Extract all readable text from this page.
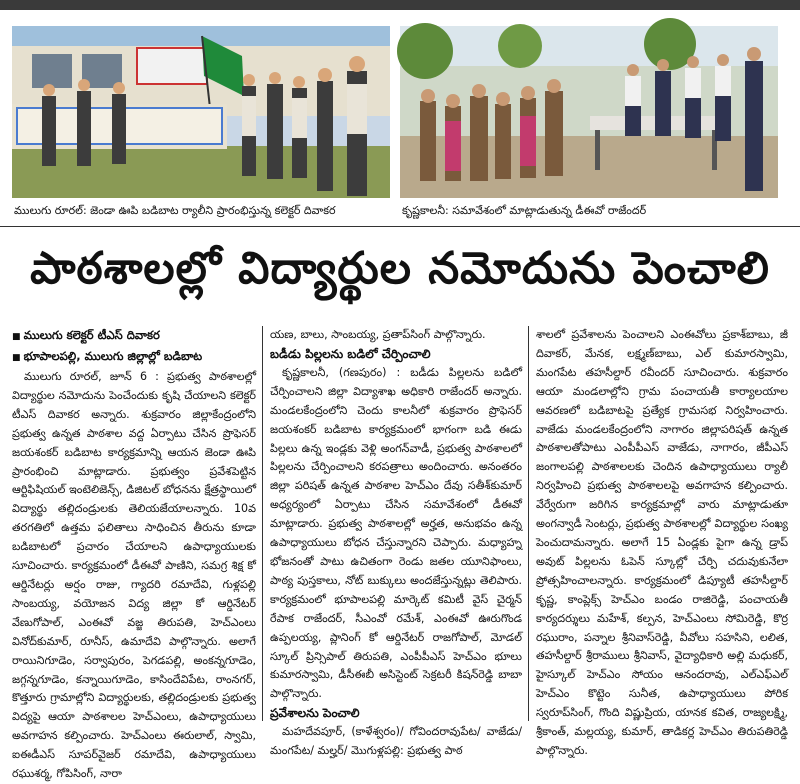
ములుగు రూరల్‌: జెండా ఊపి బడిబాట ర్యాలీని ప్రారంభిస్తున్న కలెక్టర్‌ దివాకర	కృష్ణకాలనీ: సమావేశంలో మాట్లాడుతున్న డీఈవో రాజేందర్‌
పాఠశాలల్లో విద్యార్థుల నమోదును పెంచాలి

■ ములుగు కలెక్టర్‌ టీఎస్‌ దివాకర

■ భూపాలపల్లి, ములుగు జిల్లాల్లో బడిబాట

ములుగు రూరల్‌, జూన్‌ 6 : ప్రభుత్వ పాఠశాలల్లో విద్యార్థుల నమోదును పెంచేందుకు కృషి చేయాలని కలెక్టర్‌ టీఎస్‌ దివాకర అన్నారు. శుక్రవారం జిల్లాకేంద్రంలోని ప్రభుత్వ ఉన్నత పాఠశాల వద్ద ఏర్పాటు చేసిన ప్రొఫెసర్‌ జయశంకర్‌ బడిబాట కార్యక్రమాన్ని ఆయన జెండా ఊపి ప్రారంభించి మాట్లాడారు. ప్రభుత్వం ప్రవేశపెట్టిన ఆర్టిఫిషియల్‌ ఇంటెలిజెన్స్‌, డిజిటల్‌ బోధనను క్షేత్రస్థాయిలో విద్యార్థు తల్లిదండ్రులకు తెలియజేయాలన్నారు. 10వ తరగతిలో ఉత్తమ ఫలితాలు సాధించిన తీరును కూడా బడిబాటలో ప్రచారం చేయాలని ఉపాధ్యాయులకు సూచించారు. కార్యక్రమంలో డీఈవో పాణిని, సమగ్ర శిక్ష కో ఆర్డినేటర్లు అర్షం రాజు, గ్యాదరి రమాదేవి, గుళ్లపల్లి సాంబయ్య, వయోజన విద్య జిల్లా కో ఆర్డినేటర్‌ వేణుగోపాల్‌, ఎంఈవో వజ్జ తిరుపతి, హెచ్‌ఎంలు వినోద్‌కుమార్‌, రూనీస్‌, ఉమాదేవి పాల్గొన్నారు. అలాగే రాయినిగూడెం, సర్వాపురం, పెగడపల్లి, అంకన్నగూడెం, జగ్గన్నగూడెం, కన్నాయిగూడెం, కాసిందేవిపేట, రాంనగర్‌, కొత్తూరు గ్రామాల్లోని విద్యార్థులకు, తల్లిదండ్రులకు ప్రభుత్వ విద్యపై ఆయా పాఠశాలల హెచ్‌ఎంలు, ఉపాధ్యాయులు అవగాహన కల్పించారు. హెచ్‌ఎంలు ఈరులాల్‌, స్వామి, ఐఈడీఎస్‌ సూపర్‌వైజర్‌ రమాదేవి, ఉపాధ్యాయులు రఘుశర్మ, గోపిసింగ్‌, నారా

యణ, బాలు, సాంబయ్య, ప్రతాప్‌సింగ్‌ పాల్గొన్నారు.

బడీడు పిల్లలను బడిలో చేర్పించాలి

కృష్ణకాలనీ, (గణపురం) : బడీడు పిల్లలను బడిలో చేర్పించాలని జిల్లా విద్యాశాఖ అధికారి రాజేందర్‌ అన్నారు. మండలకేంద్రంలోని చెందు కాలనీలో శుక్రవారం ప్రొఫెసర్‌ జయశంకర్‌ బడిబాట కార్యక్రమంలో భాగంగా బడి ఈడు పిల్లలు ఉన్న ఇండ్లకు వెళ్లి అంగన్‌వాడీ, ప్రభుత్వ పాఠశాలలో పిల్లలను చేర్పించాలని కరపత్రాలు అందించారు. అనంతరం జిల్లా పరిషత్‌ ఉన్నత పాఠశాల హెచ్‌ఎం దేవు సతీశ్‌కుమార్‌ అధ్యర్యంలో ఏర్పాటు చేసిన సమావేశంలో డీఈవో మాట్లాడారు. ప్రభుత్వ పాఠశాలల్లో అర్హత, అనుభవం ఉన్న ఉపాధ్యాయులు బోధన చేస్తున్నారని చెప్పారు. మధ్యాహ్న భోజనంతో పాటు ఉచితంగా రెండు జతల యూనిఫాంలు, పాఠ్య పుస్తకాలు, నోట్‌ బుక్కులు అందజేస్తున్నట్లు తెలిపారు. కార్యక్రమంలో భూపాలపల్లి మార్కెట్‌ కమిటీ వైస్‌ చైర్మన్‌ రేపాక రాజేందర్‌, సీఎంవో రమేశ్‌, ఎంఈవో ఊరుగొండ ఉప్పలయ్య, ప్లానింగ్‌ కో ఆర్డినేటర్‌ రాజగోపాల్‌, మోడల్‌ స్కూల్‌ ప్రిన్సిపాల్‌ తిరుపతి, ఎంపీపీఎస్‌ హెచ్‌ఎం భూలు కుమారస్వామి, డీసీఈబీ అసిస్టెంట్‌ సెక్రటరీ కిషన్‌రెడ్డి బాబా పాల్గొన్నారు.

ప్రవేశాలను పెంచాలి

మహదేవపూర్‌, (కాళేశ్వరం)/ గోవిందరావుపేట/ వాజేడు/ మంగపేట/ మల్హర్‌/ మొగుళ్లపల్లి: ప్రభుత్వ పాఠ

శాలలో ప్రవేశాలను పెంచాలని ఎంఈవోలు ప్రకాశ్‌బాబు, జీ దివాకర్‌, మేనక, లక్ష్మణ్‌బాబు, ఎల్‌ కుమారస్వామి, మంగపేట తహసీల్దార్‌ రవీందర్‌ సూచించారు. శుక్రవారం ఆయా మండలాల్లోని గ్రామ పంచాయతీ కార్యాలయాల ఆవరణలో బడిబాటపై ప్రత్యేక గ్రామసభ నిర్వహించారు. వాజేడు మండలకేంద్రంలోని నాగారం జిల్లాపరిషత్‌ ఉన్నత పాఠశాలతోపాటు ఎంపీపీఎస్‌ వాజేడు, నాగారం, జీపీఎస్‌ జంగాలపల్లి పాఠశాలలకు చెందిన ఉపాధ్యాయులు ర్యాలీ నిర్వహించి ప్రభుత్వ పాఠశాలలపై అవగాహన కల్పించారు. వేర్వేరుగా జరిగిన కార్యక్రమాల్లో వారు మాట్లాడుతూ అంగన్వాడీ సెంటర్లు, ప్రభుత్వ పాఠశాలల్లో విద్యార్థుల సంఖ్య పెంచుదామన్నారు. అలాగే 15 ఏండ్లకు పైగా ఉన్న డ్రాప్‌ అవుట్‌ పిల్లలను ఓపెన్‌ స్కూల్లో చేర్పి చదువుకునేలా ప్రోత్సహించాలన్నారు. కార్యక్రమంలో డిప్యూటీ తహసీల్దార్‌ కృష్ణ, కాంప్లెక్స్‌ హెచ్‌ఎం బండం రాజిరెడ్డి, పంచాయతీ కార్యదర్శులు మహేశ్‌, కల్పన, హెచ్‌ఎంలు సోమిరెడ్డి, కొర్ర రఘురాం, పన్నాల శ్రీనివాస్‌రెడ్డి, వీవోలు సహసిని, లలిత, తహసీల్దార్‌ శ్రీరాములు శ్రీనివాస్‌, వైద్యాధికారి అల్లి మధుకర్‌, హైస్కూల్‌ హెచ్‌ఎం సోయం ఆనందరావు, ఎల్‌ఎఫ్‌ఎల్‌ హెచ్‌ఎం కొట్టెం సునీత, ఉపాధ్యాయులు పోరిక స్వరూప్‌సింగ్‌, గొంది విష్ణుప్రియ, యానక కవిత, రాజ్యలక్ష్మి, శ్రీకాంత్‌, మల్లయ్య, కుమార్‌, తాడికర్ల హెచ్‌ఎం తిరుపతిరెడ్డి పాల్గొన్నారు.
